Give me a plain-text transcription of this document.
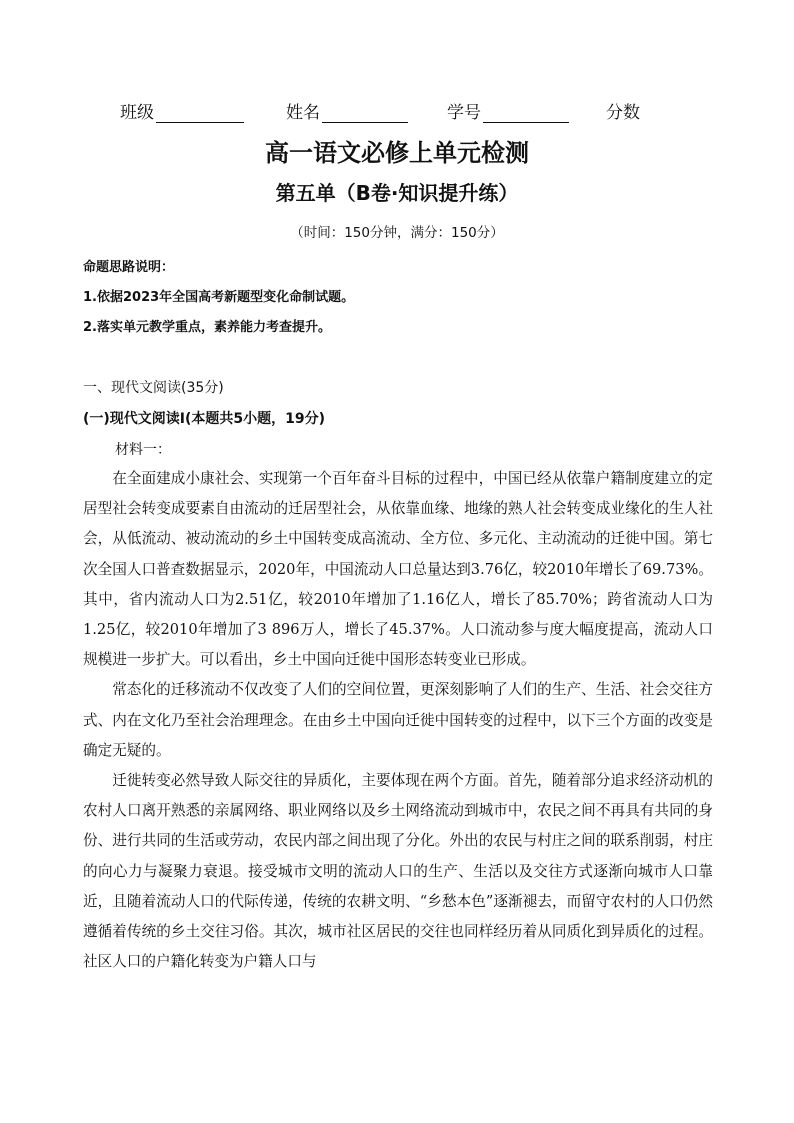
班级	姓名	学号	分数
高一语文必修上单元检测
第五单（B卷·知识提升练）
（时间：150分钟，满分：150分）
命题思路说明：
1.依据2023年全国高考新题型变化命制试题。
2.落实单元教学重点，素养能力考查提升。
一、现代文阅读(35分)
(一)现代文阅读Ⅰ(本题共5小题，19分)
材料一：

在全面建成小康社会、实现第一个百年奋斗目标的过程中，中国已经从依靠户籍制度建立的定居型社会转变成要素自由流动的迁居型社会，从依靠血缘、地缘的熟人社会转变成业缘化的生人社会，从低流动、被动流动的乡土中国转变成高流动、全方位、多元化、主动流动的迁徙中国。第七次全国人口普查数据显示，2020年，中国流动人口总量达到3.76亿，较2010年增长了69.73%。其中，省内流动人口为2.51亿，较2010年增加了1.16亿人，增长了85.70%；跨省流动人口为1.25亿，较2010年增加了3 896万人，增长了45.37%。人口流动参与度大幅度提高，流动人口规模进一步扩大。可以看出，乡土中国向迁徙中国形态转变业已形成。

常态化的迁移流动不仅改变了人们的空间位置，更深刻影响了人们的生产、生活、社会交往方式、内在文化乃至社会治理理念。在由乡土中国向迁徙中国转变的过程中，以下三个方面的改变是确定无疑的。

迁徙转变必然导致人际交往的异质化，主要体现在两个方面。首先，随着部分追求经济动机的农村人口离开熟悉的亲属网络、职业网络以及乡土网络流动到城市中，农民之间不再具有共同的身份、进行共同的生活或劳动，农民内部之间出现了分化。外出的农民与村庄之间的联系削弱，村庄的向心力与凝聚力衰退。接受城市文明的流动人口的生产、生活以及交往方式逐渐向城市人口靠近，且随着流动人口的代际传递，传统的农耕文明、“乡愁本色”逐渐褪去，而留守农村的人口仍然遵循着传统的乡土交往习俗。其次，城市社区居民的交往也同样经历着从同质化到异质化的过程。社区人口的户籍化转变为户籍人口与
